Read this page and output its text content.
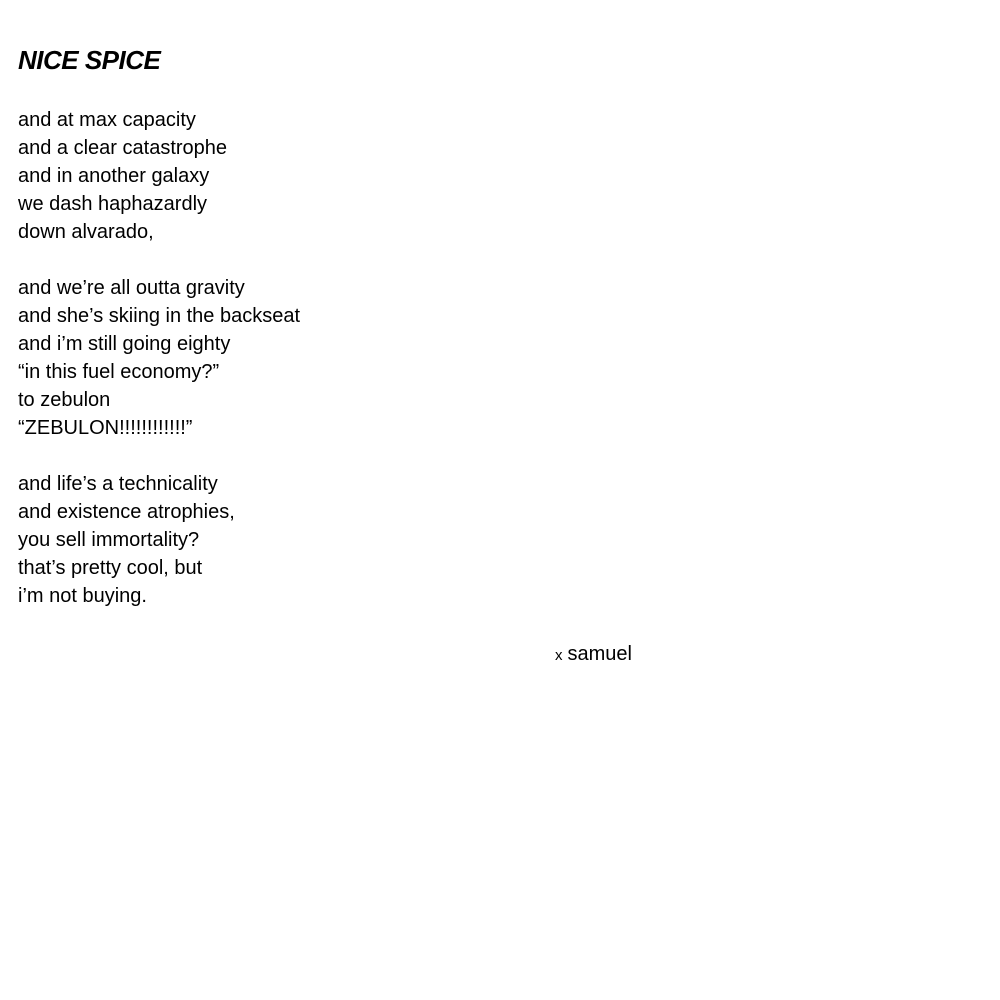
NICE SPICE
and at max capacity
and a clear catastrophe
and in another galaxy
we dash haphazardly
down alvarado,
and we’re all outta gravity
and she’s skiing in the backseat
and i’m still going eighty
“in this fuel economy?”
to zebulon
“ZEBULON!!!!!!!!!!!!”
and life’s a technicality
and existence atrophies,
you sell immortality?
that’s pretty cool, but
i’m not buying.
x samuel
